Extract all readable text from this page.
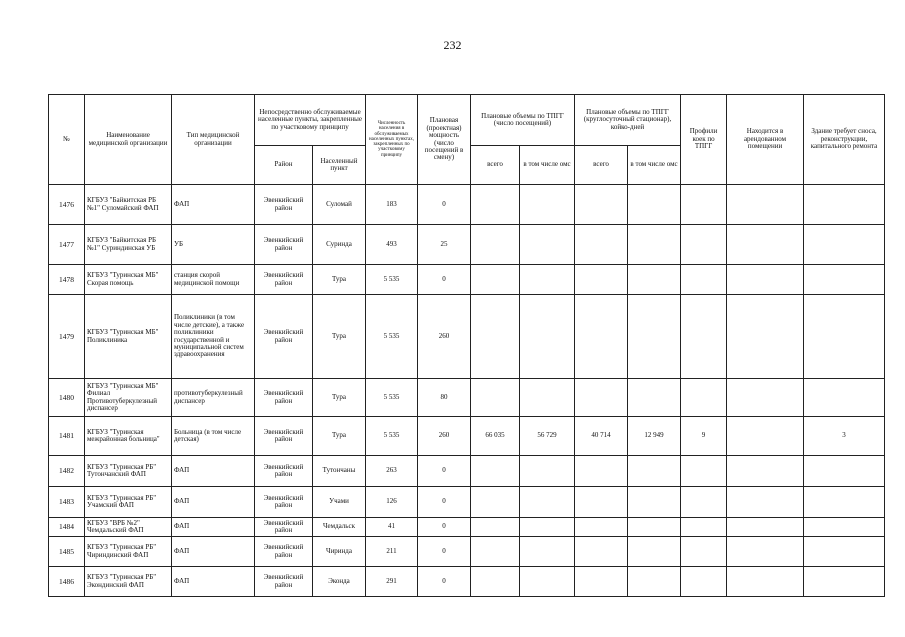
232
№	Наименование медицинской организации	Тип медицинской организации	Непосредственно обслуживаемые населенные пункты, закрепленные по участковому принципу		Численность населения в обслуживаемых населенных пунктах, закрепленных по участковому принципу	Плановая (проектная) мощность (число посещений в смену)	Плановые объемы по ТПГГ (число посещений)		Плановые объемы по ТПГГ (круглосуточный стационар), койко-дней		Профили коек по ТПГГ	Находится в арендованном помещении	Здание требует сноса, реконструкции, капитального ремонта
			Район	Населенный пункт			всего	в том числе омс	всего	в том числе омс			
1476	КГБУЗ "Байкитская РБ №1" Суломайский ФАП	ФАП	Эвенкийский район	Суломай	183	0							
1477	КГБУЗ "Байкитская РБ №1" Суриндинская УБ	УБ	Эвенкийский район	Суринда	493	25							
1478	КГБУЗ "Туринская МБ" Скорая помощь	станция скорой медицинской помощи	Эвенкийский район	Тура	5 535	0							
1479	КГБУЗ "Туринская МБ" Поликлиника	Поликлиники (в том числе детские), а также поликлиники государственной и муниципальной систем здравоохранения	Эвенкийский район	Тура	5 535	260							
1480	КГБУЗ "Туринская МБ" Филиал Противотуберкулезный диспансер	противотуберкулезный диспансер	Эвенкийский район	Тура	5 535	80							
1481	КГБУЗ "Туринская межрайонная больница"	Больница (в том числе детская)	Эвенкийский район	Тура	5 535	260	66 035	56 729	40 714	12 949	9		3
1482	КГБУЗ "Туринская РБ" Тутончанский ФАП	ФАП	Эвенкийский район	Тутончаны	263	0							
1483	КГБУЗ "Туринская РБ" Учамский ФАП	ФАП	Эвенкийский район	Учами	126	0							
1484	КГБУЗ "ВРБ №2" Чемдальский ФАП	ФАП	Эвенкийский район	Чемдальск	41	0							
1485	КГБУЗ "Туринская РБ" Чириндинский ФАП	ФАП	Эвенкийский район	Чиринда	211	0							
1486	КГБУЗ "Туринская РБ" Экондинский ФАП	ФАП	Эвенкийский район	Эконда	291	0							
